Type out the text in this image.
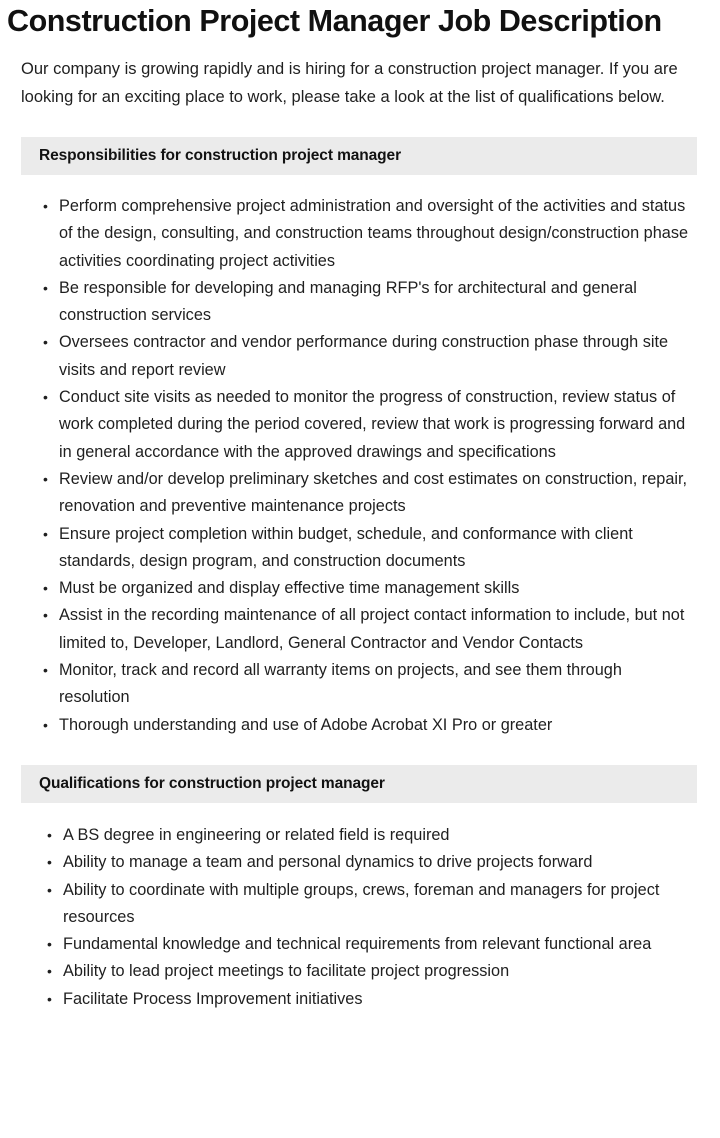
Construction Project Manager Job Description

Our company is growing rapidly and is hiring for a construction project manager. If you are looking for an exciting place to work, please take a look at the list of qualifications below.

Responsibilities for construction project manager
• Perform comprehensive project administration and oversight of the activities and status of the design, consulting, and construction teams throughout design/construction phase activities coordinating project activities
• Be responsible for developing and managing RFP's for architectural and general construction services
• Oversees contractor and vendor performance during construction phase through site visits and report review
• Conduct site visits as needed to monitor the progress of construction, review status of work completed during the period covered, review that work is progressing forward and in general accordance with the approved drawings and specifications
• Review and/or develop preliminary sketches and cost estimates on construction, repair, renovation and preventive maintenance projects
• Ensure project completion within budget, schedule, and conformance with client standards, design program, and construction documents
• Must be organized and display effective time management skills
• Assist in the recording maintenance of all project contact information to include, but not limited to, Developer, Landlord, General Contractor and Vendor Contacts
• Monitor, track and record all warranty items on projects, and see them through resolution
• Thorough understanding and use of Adobe Acrobat XI Pro or greater
Qualifications for construction project manager
• A BS degree in engineering or related field is required
• Ability to manage a team and personal dynamics to drive projects forward
• Ability to coordinate with multiple groups, crews, foreman and managers for project resources
• Fundamental knowledge and technical requirements from relevant functional area
• Ability to lead project meetings to facilitate project progression
• Facilitate Process Improvement initiatives
